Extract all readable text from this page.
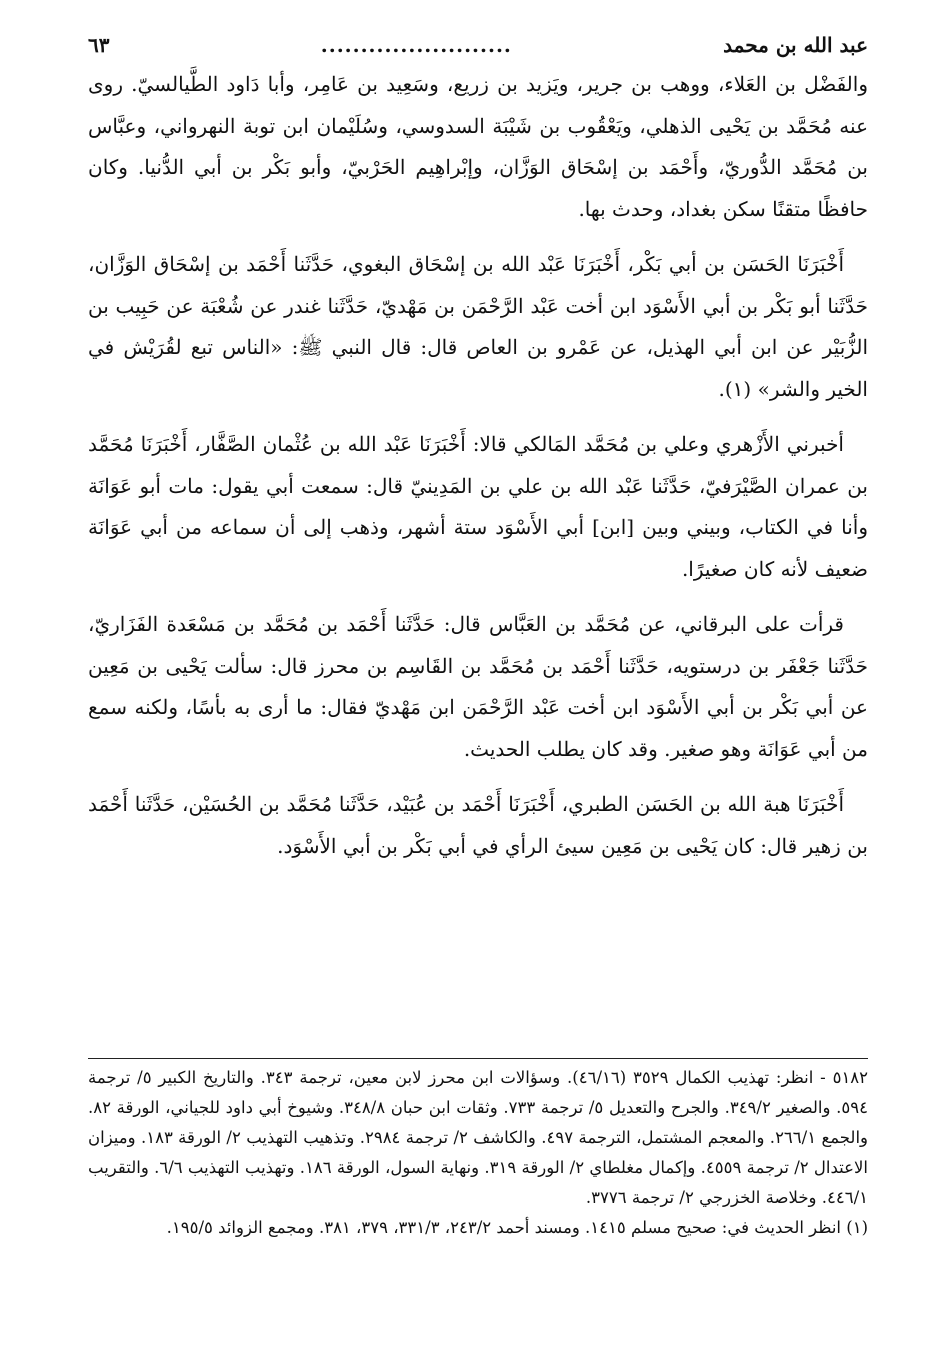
عبد الله بن محمد
........................
٦٣

والفَضْل بن العَلاء، ووهب بن جرير، ويَزيد بن زريع، وسَعِيد بن عَامِر، وأبا دَاود الطَّيالسيّ. روى عنه مُحَمَّد بن يَحْيى الذهلي، ويَعْقُوب بن شَيْبَة السدوسي، وسُلَيْمان ابن توبة النهرواني، وعبَّاس بن مُحَمَّد الدُّوريّ، وأَحْمَد بن إسْحَاق الوَزَّان، وإبْراهِيم الحَرْبيّ، وأبو بَكْر بن أبي الدُّنيا. وكان حافظًا متقنًا سكن بغداد، وحدث بها.

أَخْبَرَنَا الحَسَن بن أبي بَكْر، أَخْبَرَنَا عَبْد الله بن إسْحَاق البغوي، حَدَّثَنا أَحْمَد بن إسْحَاق الوَزَّان، حَدَّثَنا أبو بَكْر بن أبي الأَسْوَد ابن أخت عَبْد الرَّحْمَن بن مَهْديّ، حَدَّثَنا غندر عن شُعْبَة عن حَبِيب بن الزُّبَيْر عن ابن أبي الهذيل، عن عَمْرو بن العاص قال: قال النبي ﷺ: «الناس تبع لقُرَيْش في الخير والشر» (١).

أخبرني الأَزْهري وعلي بن مُحَمَّد المَالكي قالا: أَخْبَرَنَا عَبْد الله بن عُثْمان الصَّفَّار، أَخْبَرَنَا مُحَمَّد بن عمران الصَّيْرَفيّ، حَدَّثَنا عَبْد الله بن علي بن المَدِينيّ قال: سمعت أبي يقول: مات أبو عَوَانَة وأنا في الكتاب، وبيني وبين [ابن] أبي الأَسْوَد ستة أشهر، وذهب إلى أن سماعه من أبي عَوَانَة ضعيف لأنه كان صغيرًا.

قرأت على البرقاني، عن مُحَمَّد بن العَبَّاس قال: حَدَّثَنا أَحْمَد بن مُحَمَّد بن مَسْعَدة الفَزَاريّ، حَدَّثَنا جَعْفَر بن درستويه، حَدَّثَنا أَحْمَد بن مُحَمَّد بن القَاسِم بن محرز قال: سألت يَحْيى بن مَعِين عن أبي بَكْر بن أبي الأَسْوَد ابن أخت عَبْد الرَّحْمَن ابن مَهْديّ فقال: ما أرى به بأسًا، ولكنه سمع من أبي عَوَانَة وهو صغير. وقد كان يطلب الحديث.

أَخْبَرَنَا هبة الله بن الحَسَن الطبري، أَخْبَرَنَا أَحْمَد بن عُبَيْد، حَدَّثَنا مُحَمَّد بن الحُسَيْن، حَدَّثَنا أَحْمَد بن زهير قال: كان يَحْيى بن مَعِين سيئ الرأي في أبي بَكْر بن أبي الأَسْوَد.

٥١٨٢ - انظر: تهذيب الكمال ٣٥٢٩ (٤٦/١٦). وسؤالات ابن محرز لابن معين، ترجمة ٣٤٣. والتاريخ الكبير ٥/ ترجمة ٥٩٤. والصغير ٣٤٩/٢. والجرح والتعديل ٥/ ترجمة ٧٣٣. وثقات ابن حبان ٣٤٨/٨. وشيوخ أبي داود للجياني، الورقة ٨٢. والجمع ٢٦٦/١. والمعجم المشتمل، الترجمة ٤٩٧. والكاشف ٢/ ترجمة ٢٩٨٤. وتذهيب التهذيب ٢/ الورقة ١٨٣. وميزان الاعتدال ٢/ ترجمة ٤٥٥٩. وإكمال مغلطاي ٢/ الورقة ٣١٩. ونهاية السول، الورقة ١٨٦. وتهذيب التهذيب ٦/٦. والتقريب ٤٤٦/١. وخلاصة الخزرجي ٢/ ترجمة ٣٧٧٦.

(١) انظر الحديث في: صحيح مسلم ١٤١٥. ومسند أحمد ٢٤٣/٢، ٣٣١/٣، ٣٧٩، ٣٨١. ومجمع الزوائد ١٩٥/٥.
